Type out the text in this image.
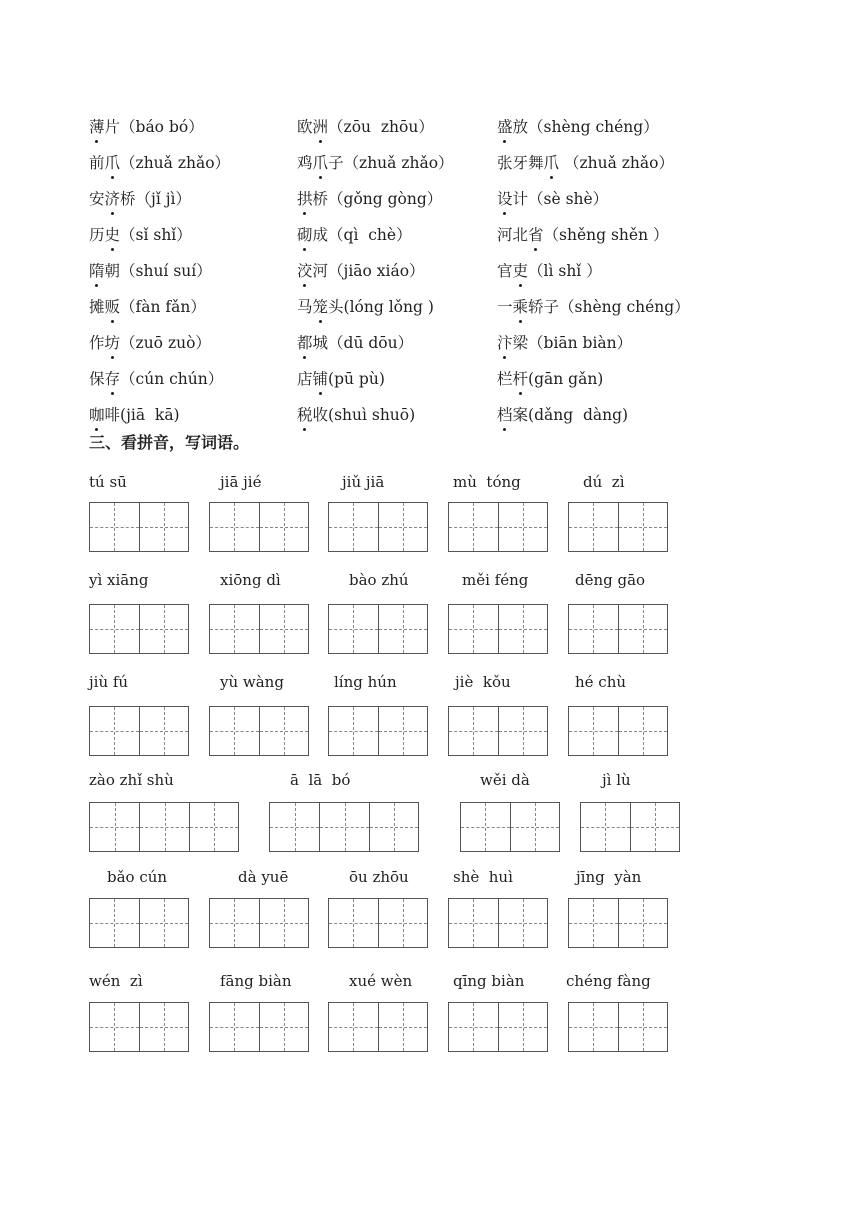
薄片（báo bó）	欧洲（zōu  zhōu）	盛放（shèng chéng）
前爪（zhuǎ zhǎo）	鸡爪子（zhuǎ zhǎo）	张牙舞爪 （zhuǎ zhǎo）
安济桥（jǐ jì）	拱桥（gǒng gòng）	设计（sè shè）
历史（sǐ shǐ）	砌成（qì  chè）	河北省（shěng shěn ）
隋朝（shuí suí）	洨河（jiāo xiáo）	官吏（lì shǐ ）
摊贩（fàn fǎn）	马笼头(lóng lǒng )	一乘轿子（shèng chéng）
作坊（zuō zuò）	都城（dū dōu）	汴梁（biān biàn）
保存（cún chún）	店铺(pū pù)	栏杆(gān gǎn)
咖啡(jiā  kā)	税收(shuì shuō)	档案(dǎng  dàng)
三、看拼音，写词语。
tú sū	jiā jié	jiǔ jiā	mù  tóng	dú  zì
yì xiāng	xiōng dì	bào zhú	měi féng	dēng gāo
jiù fú	yù wàng	líng hún	jiè  kǒu	hé chù
zào zhǐ shù	ā  lā  bó	wěi dà	jì lù
bǎo cún	dà yuē	ōu zhōu	shè  huì	jīng  yàn
wén  zì	fāng biàn	xué wèn	qīng biàn	chéng fàng
